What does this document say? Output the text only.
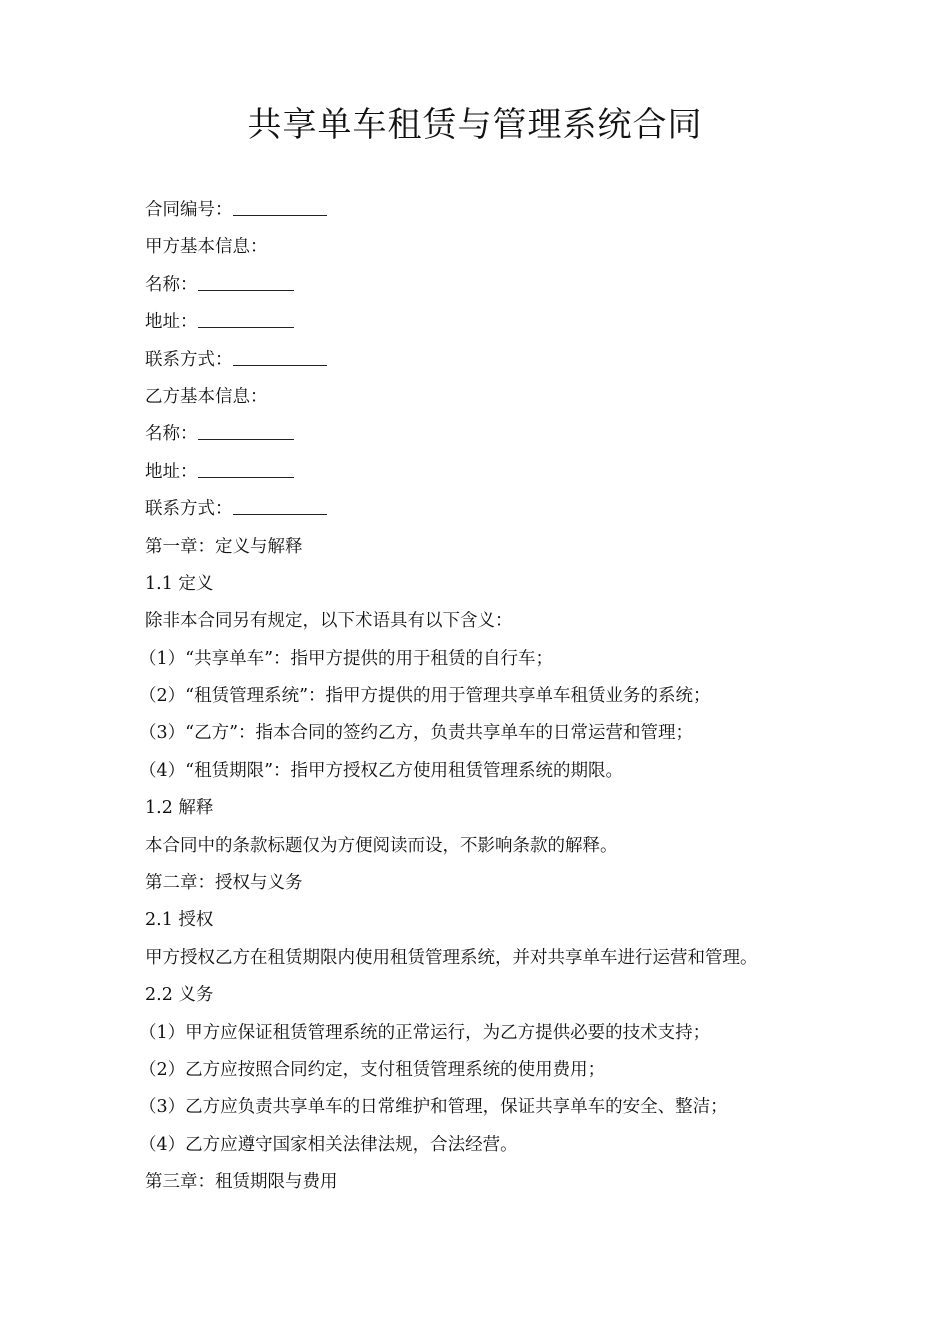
共享单车租赁与管理系统合同
合同编号：
甲方基本信息：
名称：
地址：
联系方式：
乙方基本信息：
名称：
地址：
联系方式：
第一章：定义与解释
1.1 定义
除非本合同另有规定，以下术语具有以下含义：
（1）“共享单车”：指甲方提供的用于租赁的自行车；
（2）“租赁管理系统”：指甲方提供的用于管理共享单车租赁业务的系统；
（3）“乙方”：指本合同的签约乙方，负责共享单车的日常运营和管理；
（4）“租赁期限”：指甲方授权乙方使用租赁管理系统的期限。
1.2 解释
本合同中的条款标题仅为方便阅读而设，不影响条款的解释。
第二章：授权与义务
2.1 授权
甲方授权乙方在租赁期限内使用租赁管理系统，并对共享单车进行运营和管理。
2.2 义务
（1）甲方应保证租赁管理系统的正常运行，为乙方提供必要的技术支持；
（2）乙方应按照合同约定，支付租赁管理系统的使用费用；
（3）乙方应负责共享单车的日常维护和管理，保证共享单车的安全、整洁；
（4）乙方应遵守国家相关法律法规，合法经营。
第三章：租赁期限与费用
